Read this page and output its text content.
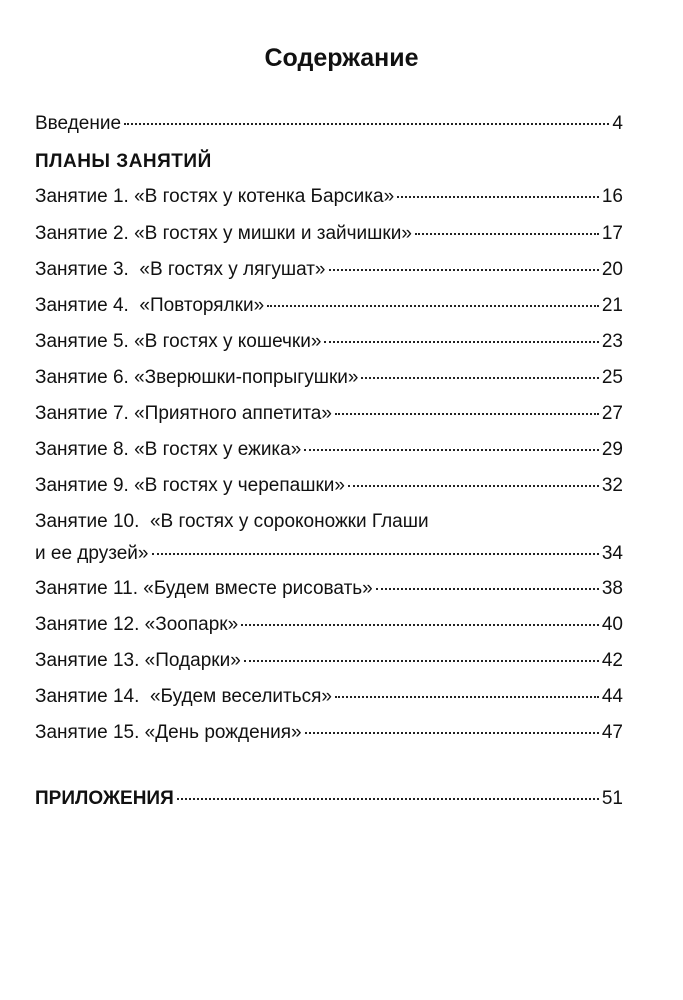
Содержание
Введение	4
ПЛАНЫ ЗАНЯТИЙ
Занятие 1. «В гостях у котенка Барсика»	16
Занятие 2. «В гостях у мишки и зайчишки»	17
Занятие 3.  «В гостях у лягушат»	20
Занятие 4.  «Повторялки»	21
Занятие 5. «В гостях у кошечки»	23
Занятие 6. «Зверюшки-попрыгушки»	25
Занятие 7. «Приятного аппетита»	27
Занятие 8. «В гостях у ежика»	29
Занятие 9. «В гостях у черепашки»	32
Занятие 10.  «В гостях у сороконожки Глаши
и ее друзей»	34
Занятие 11. «Будем вместе рисовать»	38
Занятие 12. «Зоопарк»	40
Занятие 13. «Подарки»	42
Занятие 14.  «Будем веселиться»	44
Занятие 15. «День рождения»	47
ПРИЛОЖЕНИЯ	51
